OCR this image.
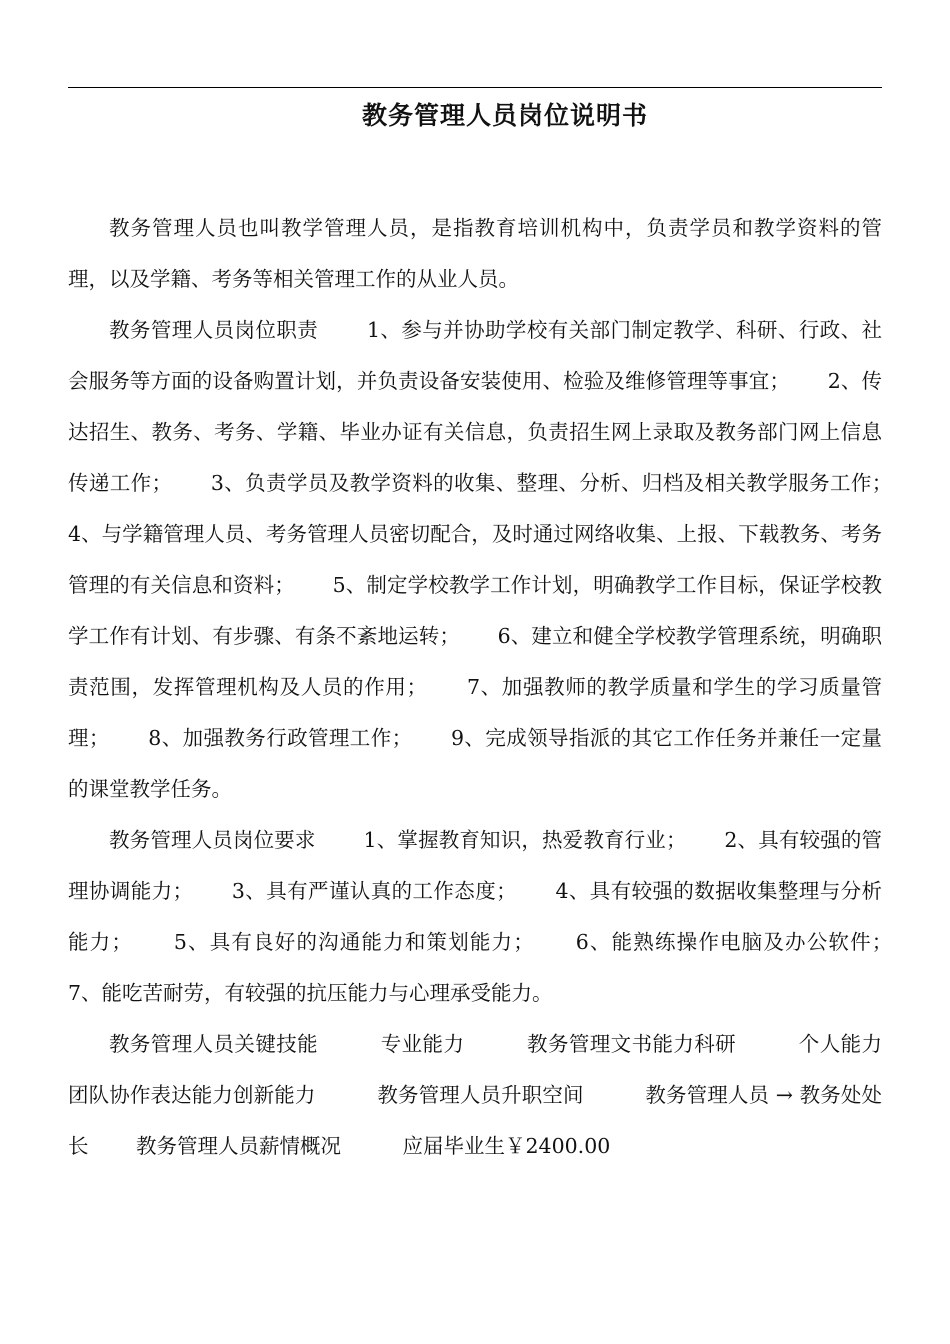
教务管理人员岗位说明书

教务管理人员也叫教学管理人员，是指教育培训机构中，负责学员和教学资料的管理，以及学籍、考务等相关管理工作的从业人员。

教务管理人员岗位职责　　 1、参与并协助学校有关部门制定教学、科研、行政、社会服务等方面的设备购置计划，并负责设备安装使用、检验及维修管理等事宜；　　 2、传达招生、教务、考务、学籍、毕业办证有关信息，负责招生网上录取及教务部门网上信息传递工作；　　 3、负责学员及教学资料的收集、整理、分析、归档及相关教学服务工作；　　 4、与学籍管理人员、考务管理人员密切配合，及时通过网络收集、上报、下载教务、考务管理的有关信息和资料；　　 5、制定学校教学工作计划，明确教学工作目标，保证学校教学工作有计划、有步骤、有条不紊地运转；　　 6、建立和健全学校教学管理系统，明确职责范围，发挥管理机构及人员的作用；　　 7、加强教师的教学质量和学生的学习质量管理；　　 8、加强教务行政管理工作；　　 9、完成领导指派的其它工作任务并兼任一定量的课堂教学任务。

教务管理人员岗位要求　　 1、掌握教育知识，热爱教育行业；　　 2、具有较强的管理协调能力；　　 3、具有严谨认真的工作态度；　　 4、具有较强的数据收集整理与分析能力；　　 5、具有良好的沟通能力和策划能力；　　 6、能熟练操作电脑及办公软件；　　 7、能吃苦耐劳，有较强的抗压能力与心理承受能力。

教务管理人员关键技能　　　专业能力　　　教务管理文书能力科研　　　个人能力　　 团队协作表达能力创新能力　　　教务管理人员升职空间　　　教务管理人员 → 教务处处长　　 教务管理人员薪情概况　　　应届毕业生￥2400.00
